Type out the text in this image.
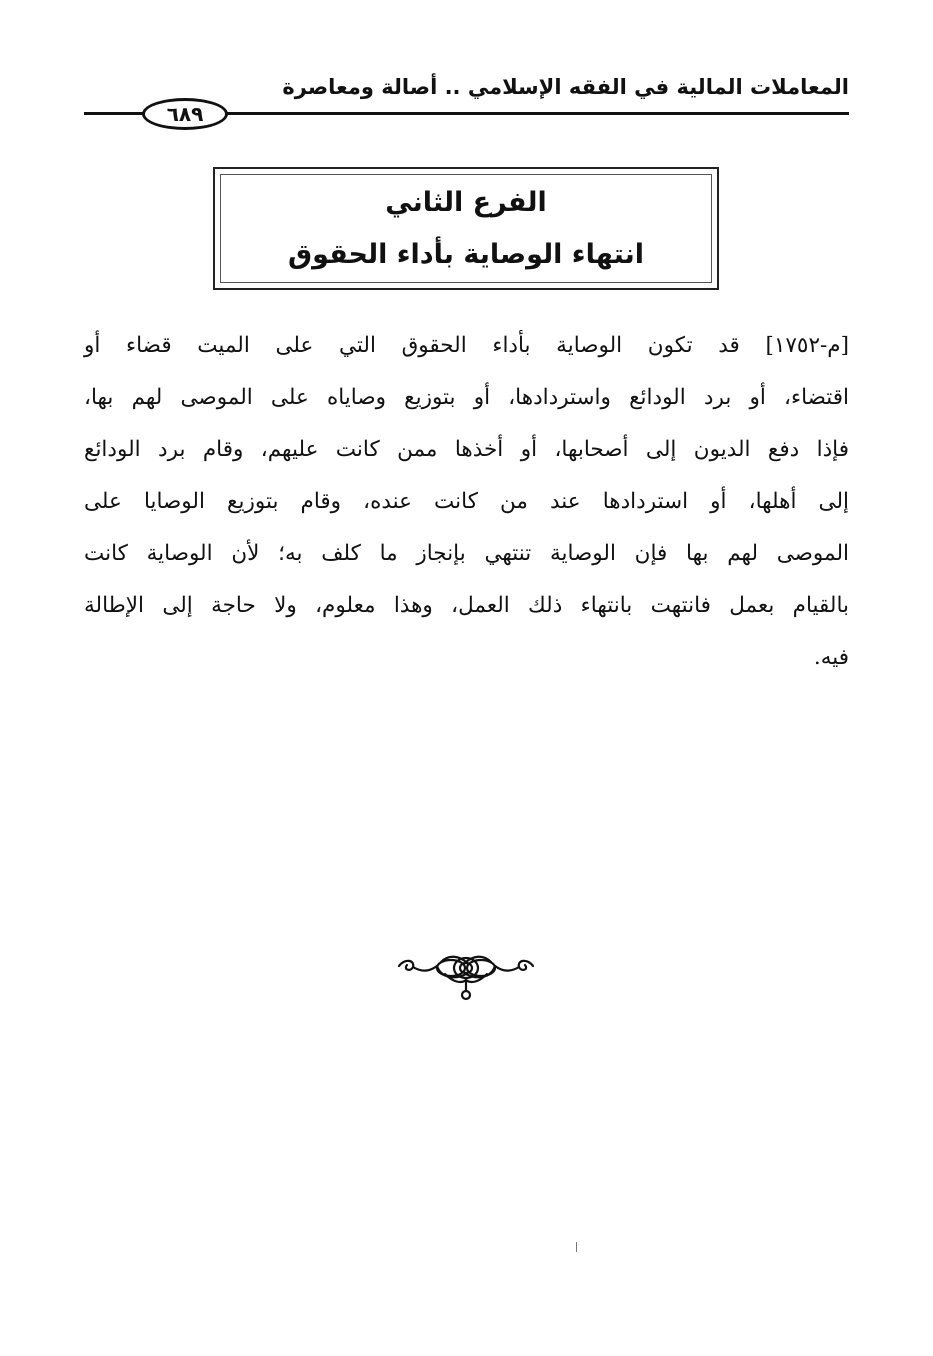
المعاملات المالية في الفقه الإسلامي .. أصالة ومعاصرة
٦٨٩
الفرع الثاني
انتهاء الوصاية بأداء الحقوق
[م-١٧٥٢] قد تكون الوصاية بأداء الحقوق التي على الميت قضاء أو
اقتضاء، أو برد الودائع واستردادها، أو بتوزيع وصاياه على الموصى لهم بها،
فإذا دفع الديون إلى أصحابها، أو أخذها ممن كانت عليهم، وقام برد الودائع
إلى أهلها، أو استردادها عند من كانت عنده، وقام بتوزيع الوصايا على
الموصى لهم بها فإن الوصاية تنتهي بإنجاز ما كلف به؛ لأن الوصاية كانت
بالقيام بعمل فانتهت بانتهاء ذلك العمل، وهذا معلوم، ولا حاجة إلى الإطالة
فيه.
